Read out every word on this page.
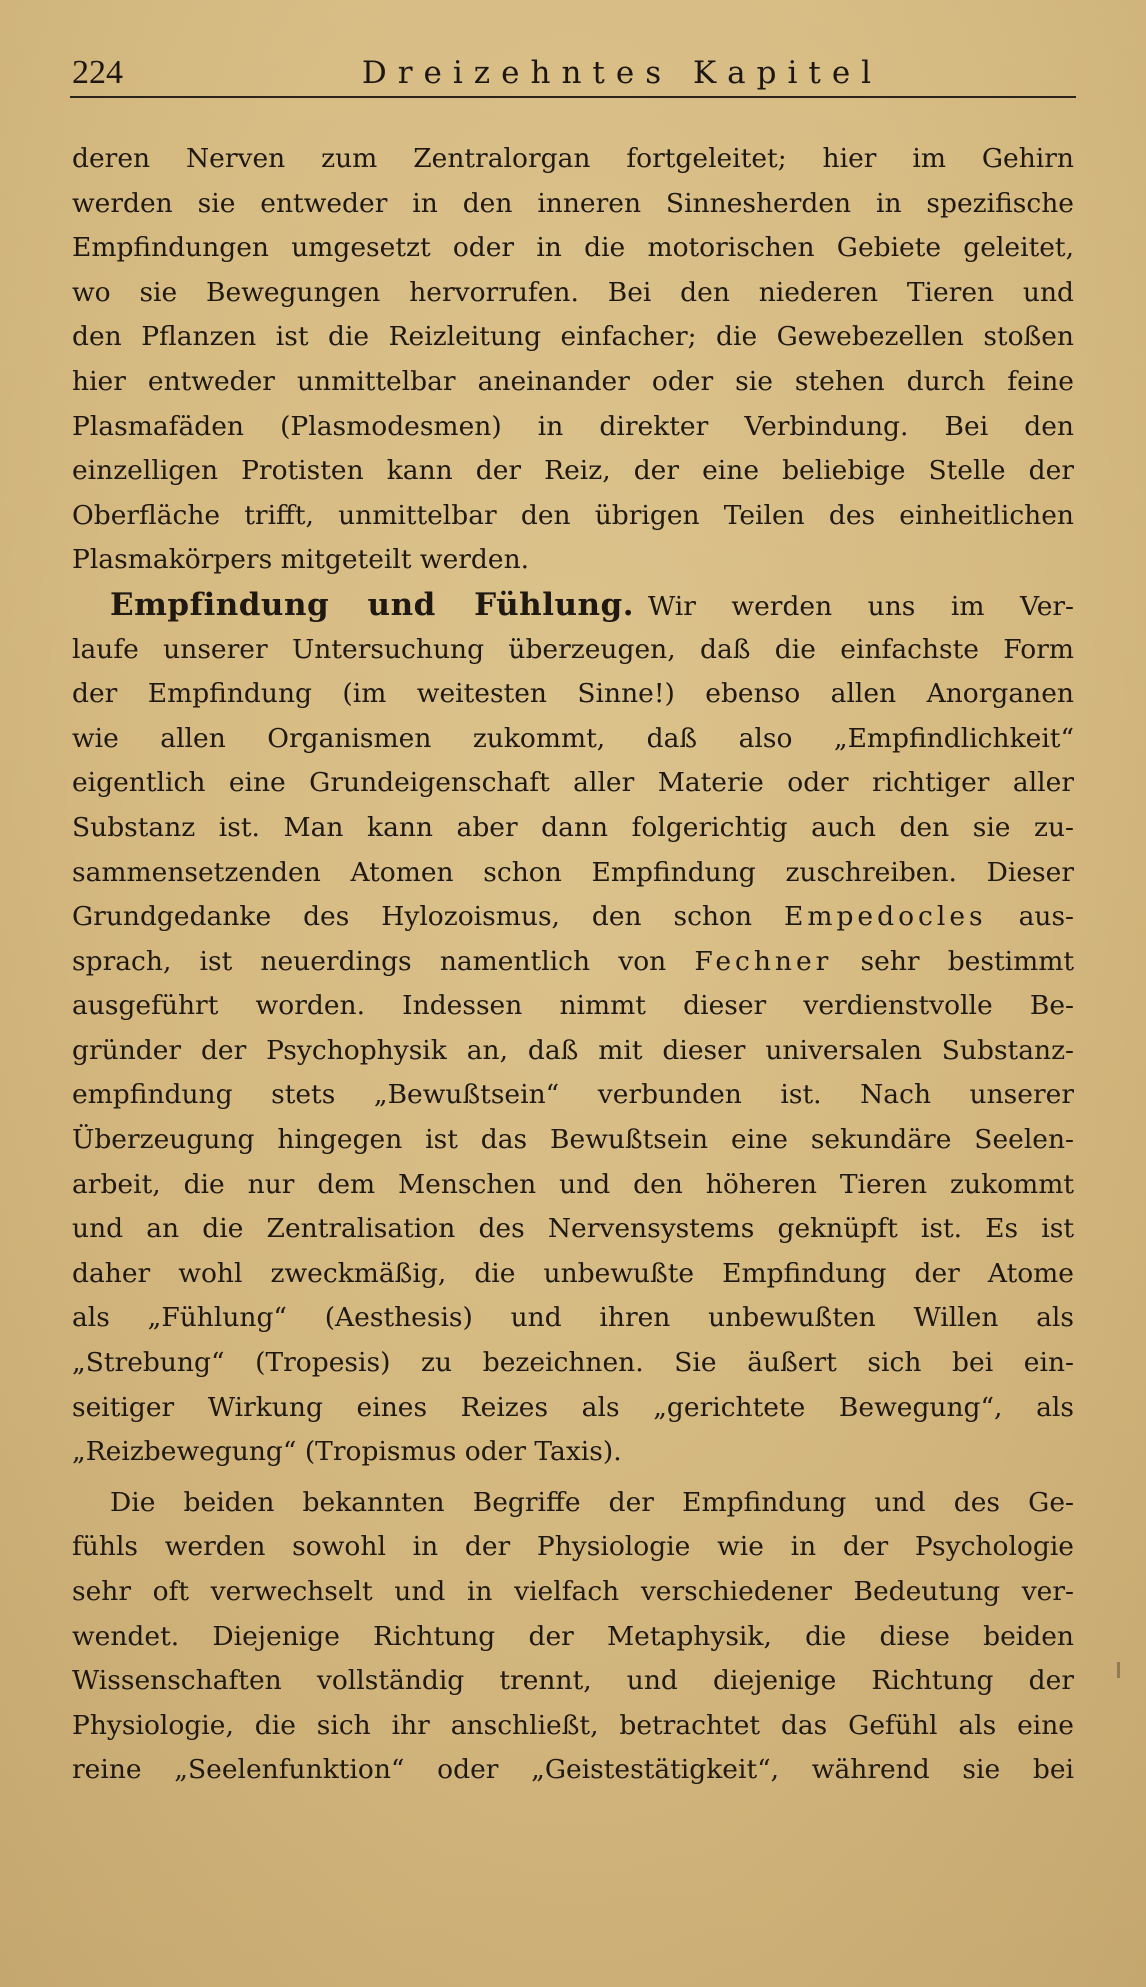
224	Dreizehntes Kapitel
deren Nerven zum Zentralorgan fortgeleitet; hier im Gehirn
werden sie entweder in den inneren Sinnesherden in spezifische
Empfindungen umgesetzt oder in die motorischen Gebiete geleitet,
wo sie Bewegungen hervorrufen. Bei den niederen Tieren und
den Pflanzen ist die Reizleitung einfacher; die Gewebezellen stoßen
hier entweder unmittelbar aneinander oder sie stehen durch feine
Plasmafäden (Plasmodesmen) in direkter Verbindung. Bei den
einzelligen Protisten kann der Reiz, der eine beliebige Stelle der
Oberfläche trifft, unmittelbar den übrigen Teilen des einheitlichen
Plasmakörpers mitgeteilt werden.
Empfindung und Fühlung. Wir werden uns im Ver-
laufe unserer Untersuchung überzeugen, daß die einfachste Form
der Empfindung (im weitesten Sinne!) ebenso allen Anorganen
wie allen Organismen zukommt, daß also „Empfindlichkeit“
eigentlich eine Grundeigenschaft aller Materie oder richtiger aller
Substanz ist. Man kann aber dann folgerichtig auch den sie zu-
sammensetzenden Atomen schon Empfindung zuschreiben. Dieser
Grundgedanke des Hylozoismus, den schon Empedocles aus-
sprach, ist neuerdings namentlich von Fechner sehr bestimmt
ausgeführt worden. Indessen nimmt dieser verdienstvolle Be-
gründer der Psychophysik an, daß mit dieser universalen Substanz-
empfindung stets „Bewußtsein“ verbunden ist. Nach unserer
Überzeugung hingegen ist das Bewußtsein eine sekundäre Seelen-
arbeit, die nur dem Menschen und den höheren Tieren zukommt
und an die Zentralisation des Nervensystems geknüpft ist. Es ist
daher wohl zweckmäßig, die unbewußte Empfindung der Atome
als „Fühlung“ (Aesthesis) und ihren unbewußten Willen als
„Strebung“ (Tropesis) zu bezeichnen. Sie äußert sich bei ein-
seitiger Wirkung eines Reizes als „gerichtete Bewegung“, als
„Reizbewegung“ (Tropismus oder Taxis).
Die beiden bekannten Begriffe der Empfindung und des Ge-
fühls werden sowohl in der Physiologie wie in der Psychologie
sehr oft verwechselt und in vielfach verschiedener Bedeutung ver-
wendet. Diejenige Richtung der Metaphysik, die diese beiden
Wissenschaften vollständig trennt, und diejenige Richtung der
Physiologie, die sich ihr anschließt, betrachtet das Gefühl als eine
reine „Seelenfunktion“ oder „Geistestätigkeit“, während sie bei
